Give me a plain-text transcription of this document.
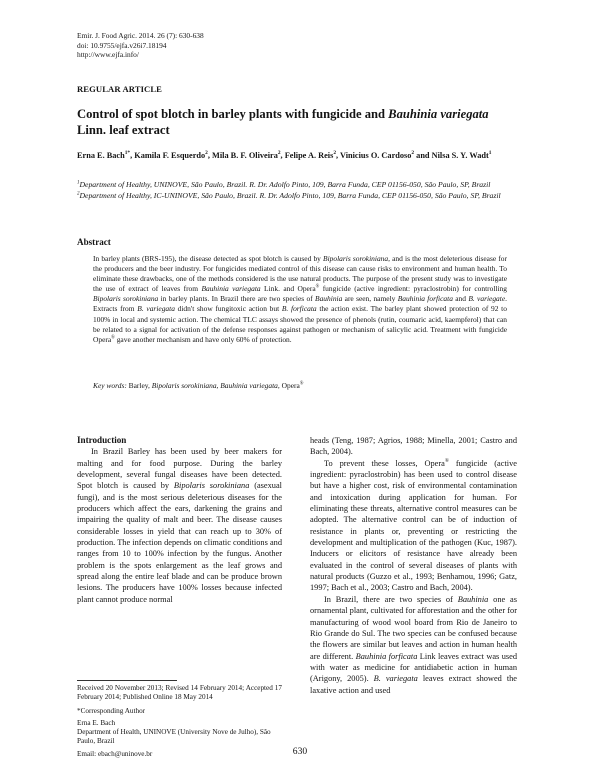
Emir. J. Food Agric. 2014. 26 (7): 630-638
doi: 10.9755/ejfa.v26i7.18194
http://www.ejfa.info/
REGULAR ARTICLE
Control of spot blotch in barley plants with fungicide and Bauhinia variegata
Linn. leaf extract
Erna E. Bach$^{1*}$, Kamila F. Esquerdo$^2$, Mila B. F. Oliveira$^2$, Felipe A. Reis$^2$, Vinicius O. Cardoso$^2$ and Nilsa S. Y. Wadt$^1$

$^1$Department of Healthy, UNINOVE, São Paulo, Brazil. R. Dr. Adolfo Pinto, 109, Barra Funda, CEP 01156-050, São Paulo, SP, Brazil

$^2$Department of Healthy, IC-UNINOVE, São Paulo, Brazil. R. Dr. Adolfo Pinto, 109, Barra Funda, CEP 01156-050, São Paulo, SP, Brazil

Abstract
In barley plants (BRS-195), the disease detected as spot blotch is caused by Bipolaris sorokiniana, and is the most deleterious disease for the producers and the beer industry. For fungicides mediated control of this disease can cause risks to environment and human health. To eliminate these drawbacks, one of the methods considered is the use natural products. The purpose of the present study was to investigate the use of extract of leaves from Bauhinia variegata Link. and Opera® fungicide (active ingredient: pyraclostrobin) for controlling Bipolaris sorokiniana in barley plants. In Brazil there are two species of Bauhinia are seen, namely Bauhinia forficata and B. variegate. Extracts from B. variegata didn't show fungitoxic action but B. forficata the action exist. The barley plant showed protection of 92 to 100% in local and systemic action. The chemical TLC assays showed the presence of phenols (rutin, coumaric acid, kaempferol) that can be related to a signal for activation of the defense responses against pathogen or mechanism of salicylic acid. Treatment with fungicide Opera® gave another mechanism and have only 60% of protection.
Key words: Barley, Bipolaris sorokiniana, Bauhinia variegata, Opera®
Introduction

In Brazil Barley has been used by beer makers for malting and for food purpose. During the barley development, several fungal diseases have been detected. Spot blotch is caused by Bipolaris sorokiniana (asexual fungi), and is the most serious deleterious diseases for the producers which affect the ears, darkening the grains and impairing the quality of malt and beer. The disease causes considerable losses in yield that can reach up to 30% of production. The infection depends on climatic conditions and ranges from 10 to 100% infection by the fungus. Another problem is the spots enlargement as the leaf grows and spread along the entire leaf blade and can be produce brown lesions. The producers have 100% losses because infected plant cannot produce normal

heads (Teng, 1987; Agrios, 1988; Minella, 2001; Castro and Bach, 2004).

To prevent these losses, Opera® fungicide (active ingredient: pyraclostrobin) has been used to control disease but have a higher cost, risk of environmental contamination and intoxication during application for human. For eliminating these threats, alternative control measures can be adopted. The alternative control can be of induction of resistance in plants or, preventing or restricting the development and multiplication of the pathogen (Kuc, 1987). Inducers or elicitors of resistance have already been evaluated in the control of several diseases of plants with natural products (Guzzo et al., 1993; Benhamou, 1996; Gatz, 1997; Bach et al., 2003; Castro and Bach, 2004).

In Brazil, there are two species of Bauhinia one as ornamental plant, cultivated for afforestation and the other for manufacturing of wood wool board from Rio de Janeiro to Rio Grande do Sul. The two species can be confused because the flowers are similar but leaves and action in human health are different. Bauhinia forficata Link leaves extract was used with water as medicine for antidiabetic action in human (Arigony, 2005). B. variegata leaves extract showed the laxative action and used

Received 20 November 2013; Revised 14 February 2014; Accepted 17 February 2014; Published Online 18 May 2014

*Corresponding Author

Erna E. Bach

Department of Health, UNINOVE (University Nove de Julho), São Paulo, Brazil

Email: ebach@uninove.br	630
